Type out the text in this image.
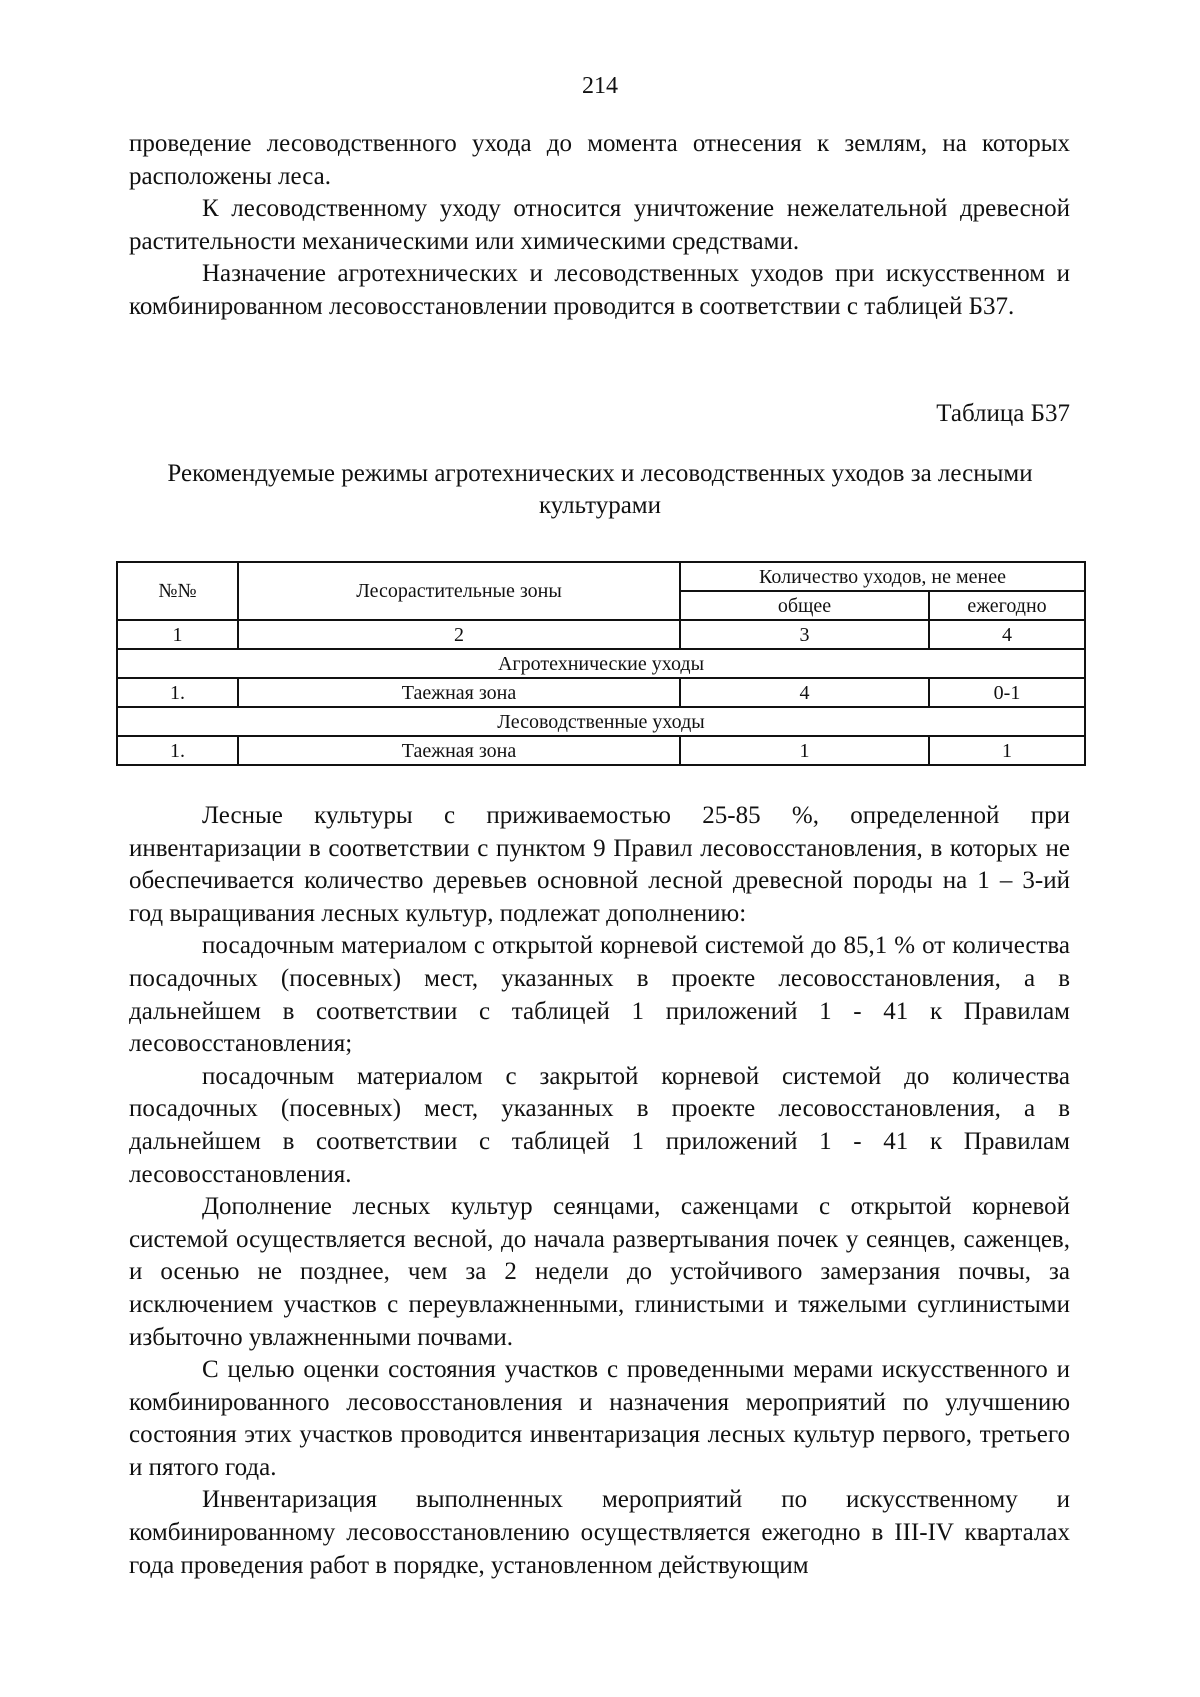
214

проведение лесоводственного ухода до момента отнесения к землям, на которых расположены леса.

К лесоводственному уходу относится уничтожение нежелательной древесной растительности механическими или химическими средствами.

Назначение агротехнических и лесоводственных уходов при искусственном и комбинированном лесовосстановлении проводится в соответствии с таблицей Б37.

Таблица Б37
Рекомендуемые режимы агротехнических и лесоводственных уходов за лесными культурами
№№	Лесорастительные зоны	Количество уходов, не менее	
		общее	ежегодно
1	2	3	4
Агротехнические уходы			
1.	Таежная зона	4	0-1
Лесоводственные уходы			
1.	Таежная зона	1	1

Лесные культуры с приживаемостью 25-85 %, определенной при инвентаризации в соответствии с пунктом 9 Правил лесовосстановления, в которых не обеспечивается количество деревьев основной лесной древесной породы на 1 – 3-ий год выращивания лесных культур, подлежат дополнению:

посадочным материалом с открытой корневой системой до 85,1 % от количества посадочных (посевных) мест, указанных в проекте лесовосстановления, а в дальнейшем в соответствии с таблицей 1 приложений 1 - 41 к Правилам лесовосстановления;

посадочным материалом с закрытой корневой системой до количества посадочных (посевных) мест, указанных в проекте лесовосстановления, а в дальнейшем в соответствии с таблицей 1 приложений 1 - 41 к Правилам лесовосстановления.

Дополнение лесных культур сеянцами, саженцами с открытой корневой системой осуществляется весной, до начала развертывания почек у сеянцев, саженцев, и осенью не позднее, чем за 2 недели до устойчивого замерзания почвы, за исключением участков с переувлажненными, глинистыми и тяжелыми суглинистыми избыточно увлажненными почвами.

С целью оценки состояния участков с проведенными мерами искусственного и комбинированного лесовосстановления и назначения мероприятий по улучшению состояния этих участков проводится инвентаризация лесных культур первого, третьего и пятого года.

Инвентаризация выполненных мероприятий по искусственному и комбинированному лесовосстановлению осуществляется ежегодно в III-IV кварталах года проведения работ в порядке, установленном действующим
